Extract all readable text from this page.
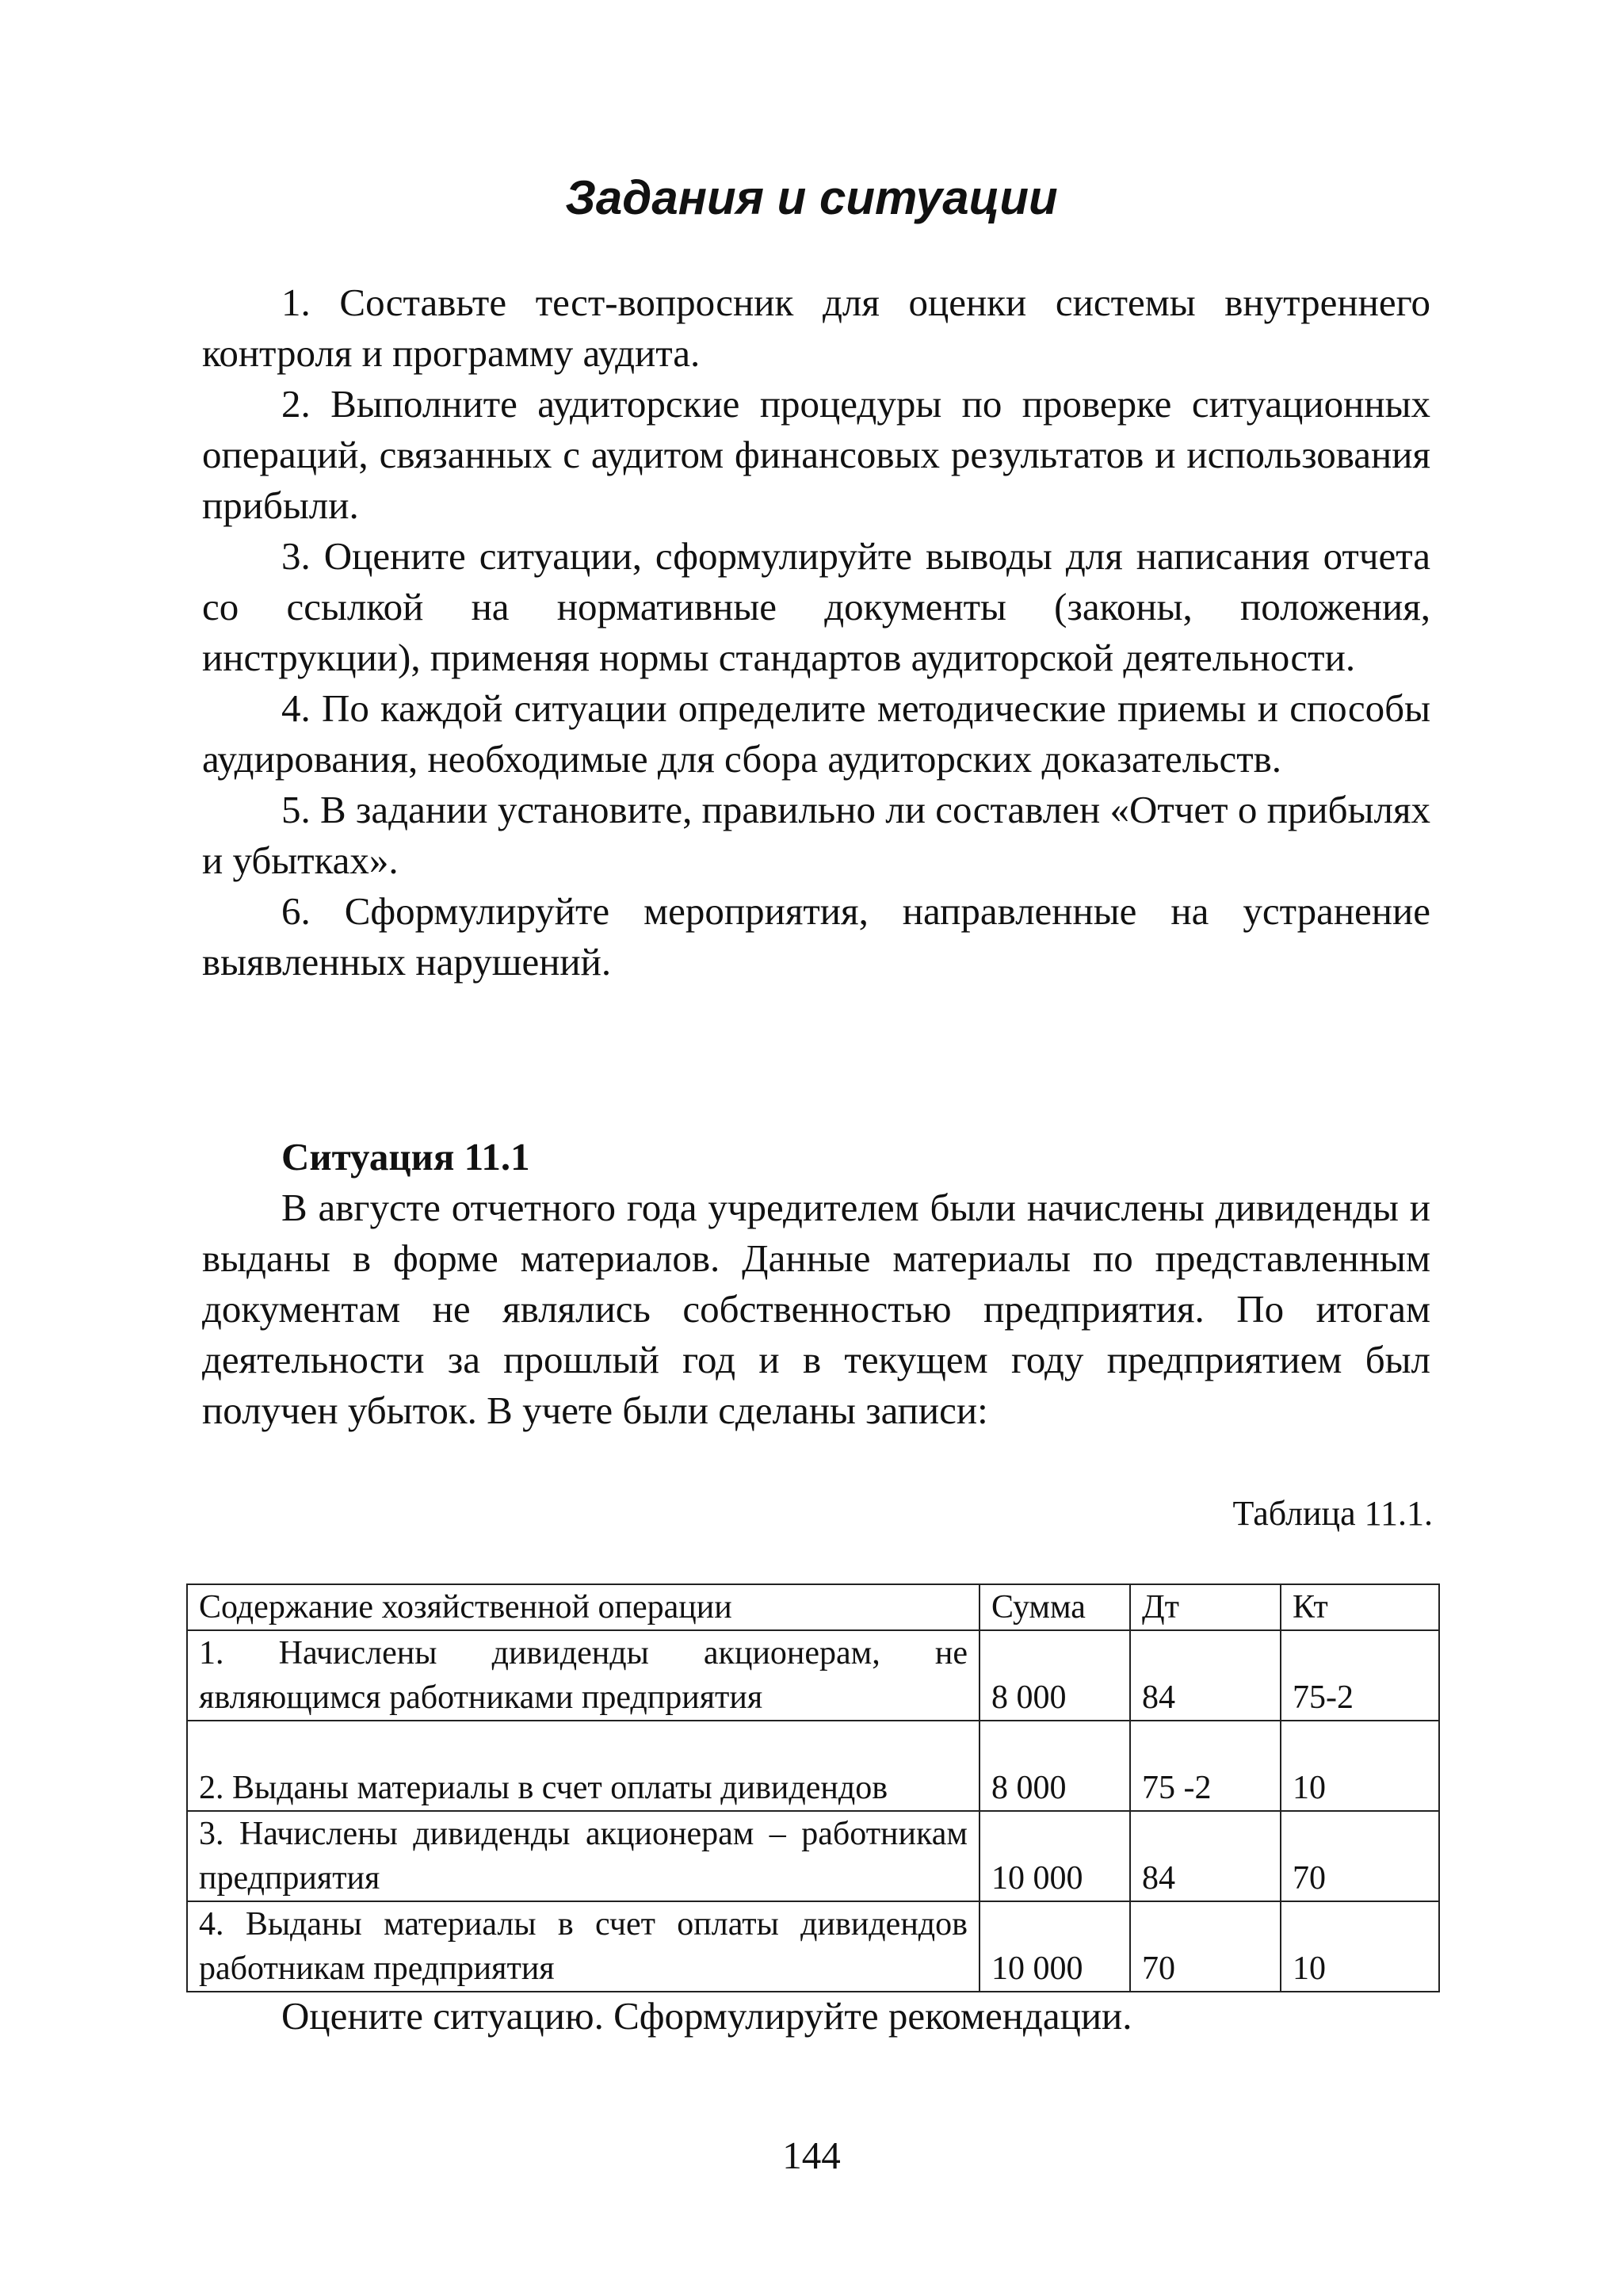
Задания и ситуации

1. Составьте тест-вопросник для оценки системы внутреннего контроля и программу аудита.

2. Выполните аудиторские процедуры по проверке ситуационных операций, связанных с аудитом финансовых результатов и использования прибыли.

3. Оцените ситуации, сформулируйте выводы для написания отчета со ссылкой на нормативные документы (законы, положения, инструкции), применяя нормы стандартов аудиторской деятельности.

4. По каждой ситуации определите методические приемы и способы аудирования, необходимые для сбора аудиторских доказательств.

5. В задании установите, правильно ли составлен «Отчет о прибылях и убытках».

6. Сформулируйте мероприятия, направленные на устранение выявленных нарушений.

Ситуация 11.1

В августе отчетного года учредителем были начислены дивиденды и выданы в форме материалов. Данные материалы по представленным документам не являлись собственностью предприятия. По итогам деятельности за прошлый год и в текущем году предприятием был получен убыток. В учете были сделаны записи:

Таблица 11.1.
Содержание хозяйственной операции	Сумма	Дт	Кт
1. Начислены дивиденды акционерам, не являющимся работниками предприятия	8 000	84	75-2
2. Выданы материалы в счет оплаты дивидендов	8 000	75 -2	10
3. Начислены дивиденды акционерам – работникам предприятия	10 000	84	70
4. Выданы материалы в счет оплаты дивидендов работникам предприятия	10 000	70	10
Оцените ситуацию. Сформулируйте рекомендации.
144
